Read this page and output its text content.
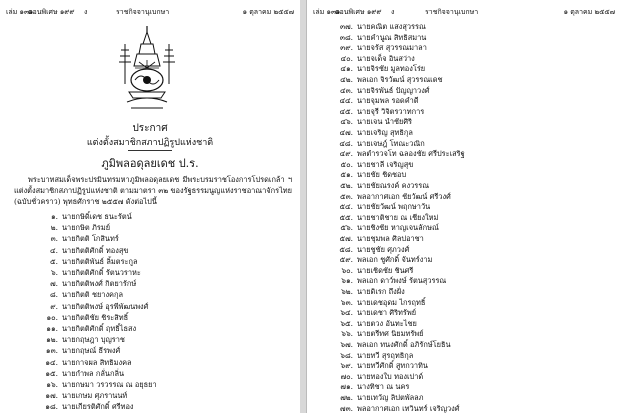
เล่ม ๑๓๑
ตอนพิเศษ ๑๙๙ ง	ราชกิจจานุเบกษา	๑ ตุลาคม ๒๕๕๗
ประกาศ
แต่งตั้งสมาชิกสภาปฏิรูปแห่งชาติ
ภูมิพลอดุลยเดช ป.ร.
พระบาทสมเด็จพระปรมินทรมหาภูมิพลอดุลยเดช มีพระบรมราชโองการโปรดเกล้า ฯ แต่งตั้งสมาชิกสภาปฏิรูปแห่งชาติ ตามมาตรา ๓๒ ของรัฐธรรมนูญแห่งราชอาณาจักรไทย (ฉบับชั่วคราว) พุทธศักราช ๒๕๕๗ ดังต่อไปนี้
๑. นายกษิดิ์เดช ธนะรัตน์
๒. นายกษิต ภิรมย์
๓. นายกิตติ โกสินทร์
๔. นายกิตติศักดิ์ ทองสุข
๕. นายกิตติพันธ์ ลิ้มตระกูล
๖. นายกิตติศักดิ์ รัตนวราหะ
๗. นายกิตติพงศ์ กิตยารักษ์
๘. นายกิตติ ชยางคกุล
๙. นายกิตติพงษ์ อุรพีพัฒนพงศ์
๑๐. นายกิตติชัย ชิระสิทธิ์
๑๑. นายกิตติศักดิ์ ฤทธิ์ไธสง
๑๒. นายกฤษฎา บุญราช
๑๓. นายกฤษณ์ ธีรพงศ์
๑๔. นายกาจผล สิทธิมงคล
๑๕. นายกำพล กลั่นกลิ่น
๑๖. นายกษมา วรวรรณ ณ อยุธยา
๑๗. นายเกษม ศุภรานนท์
๑๘. นายเกียรติศักดิ์ ศรีทอง
เล่ม ๑๓๑
ตอนพิเศษ ๑๙๙ ง	ราชกิจจานุเบกษา	๑ ตุลาคม ๒๕๕๗
๓๗. นายคณิต แสงสุวรรณ
๓๘. นายคำนูณ สิทธิสมาน
๓๙. นายจรัส สุวรรณมาลา
๔๐. นายจเด็จ อินสว่าง
๔๑. นายจิรชัย มูลทองโร่ย
๔๒. พลเอก จิรวัฒน์ สุวรรณเดช
๔๓. นายจิรพันธ์ ปัญญาวงศ์
๔๔. นายจุมพล รอดคำดี
๔๕. นายจุรี วิจิตรวาทการ
๔๖. นายเจน นำชัยศิริ
๔๗. นายเจริญ สุทธิกุล
๔๘. นายเจษฎ์ โทณะวณิก
๔๙. พลตำรวจโท ฉลองชัย ศรีประเสริฐ
๕๐. นายชาลี เจริญสุข
๕๑. นายชัย ชิดชอบ
๕๒. นายชัยณรงค์ คงวรรณ
๕๓. พลอากาศเอก ชัยวัฒน์ ศรีวงศ์
๕๔. นายชัยวัฒน์ พฤกษาวัน
๕๕. นายชาติชาย ณ เชียงใหม่
๕๖. นายชิงชัย หาญเจนลักษณ์
๕๗. นายชุมพล ศิลปอาชา
๕๘. นายชูชัย ศุภวงศ์
๕๙. พลเอก ชูศักดิ์ จันทร์งาม
๖๐. นายเชิดชัย ชินศรี
๖๑. พลเอก ดาว์พงษ์ รัตนสุวรรณ
๖๒. นายดิเรก ถึงฝั่ง
๖๓. นายเดชอุดม ไกรฤทธิ์
๖๔. นายเดชา ศิริทรัพย์
๖๕. นายตวง อันทะไชย
๖๖. นายตรีทศ นิยมทรัพย์
๖๗. พลเอก ทนงศักดิ์ อภิรักษ์โยธิน
๖๘. นายทวี สุรฤทธิกุล
๖๙. นายทวีศักดิ์ สูทกวาทิน
๗๐. นายทองใบ ทองเปาด์
๗๑. นางทิชา ณ นคร
๗๒. นายเทวัญ ลิปตพัลลภ
๗๓. พลอากาศเอก เทวินทร์ เจริญวงศ์
